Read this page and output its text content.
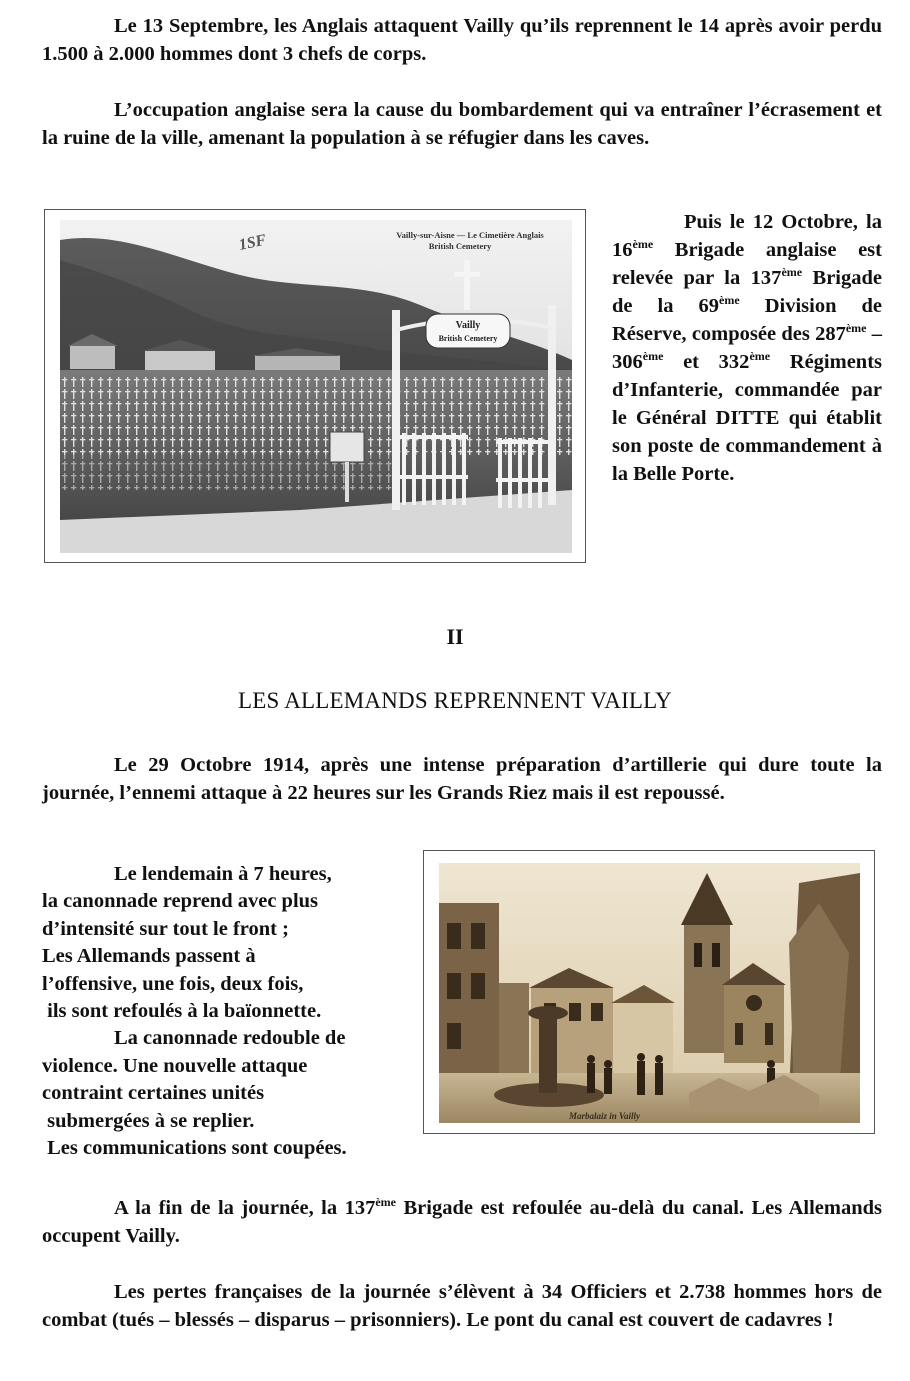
Le 13 Septembre, les Anglais attaquent Vailly qu’ils reprennent le 14 après avoir perdu 1.500 à 2.000 hommes dont 3 chefs de corps.

L’occupation anglaise sera la cause du bombardement qui va entraîner l’écrasement et la ruine de la ville, amenant la population à se réfugier dans les caves.

Vailly
British Cemetery
Vailly-sur-Aisne — Le Cimetière Anglais
British Cemetery
1SF

Puis le 12 Octobre, la 16ème Brigade anglaise est relevée par la 137ème Brigade de la 69ème Division de Réserve, composée des 287ème – 306ème et 332ème Régiments d’Infanterie, commandée par le Général DITTE qui établit son poste de commandement à la Belle Porte.

II
LES ALLEMANDS REPRENNENT VAILLY

Le 29 Octobre 1914, après une intense préparation d’artillerie qui dure toute la journée, l’ennemi attaque à 22 heures sur les Grands Riez mais il est repoussé.

Le lendemain à 7 heures,

la canonnade reprend avec plus

d’intensité sur tout le front ;

Les Allemands passent à

l’offensive, une fois, deux fois,

ils sont refoulés à la baïonnette.

La canonnade redouble de

violence. Une nouvelle attaque

contraint certaines unités

submergées à se replier.

Les communications sont coupées.

Marbalaiz in Vailly

A la fin de la journée, la 137ème Brigade est refoulée au-delà du canal. Les Allemands occupent Vailly.

Les pertes françaises de la journée s’élèvent à 34 Officiers et 2.738 hommes hors de combat (tués – blessés – disparus – prisonniers). Le pont du canal est couvert de cadavres !
